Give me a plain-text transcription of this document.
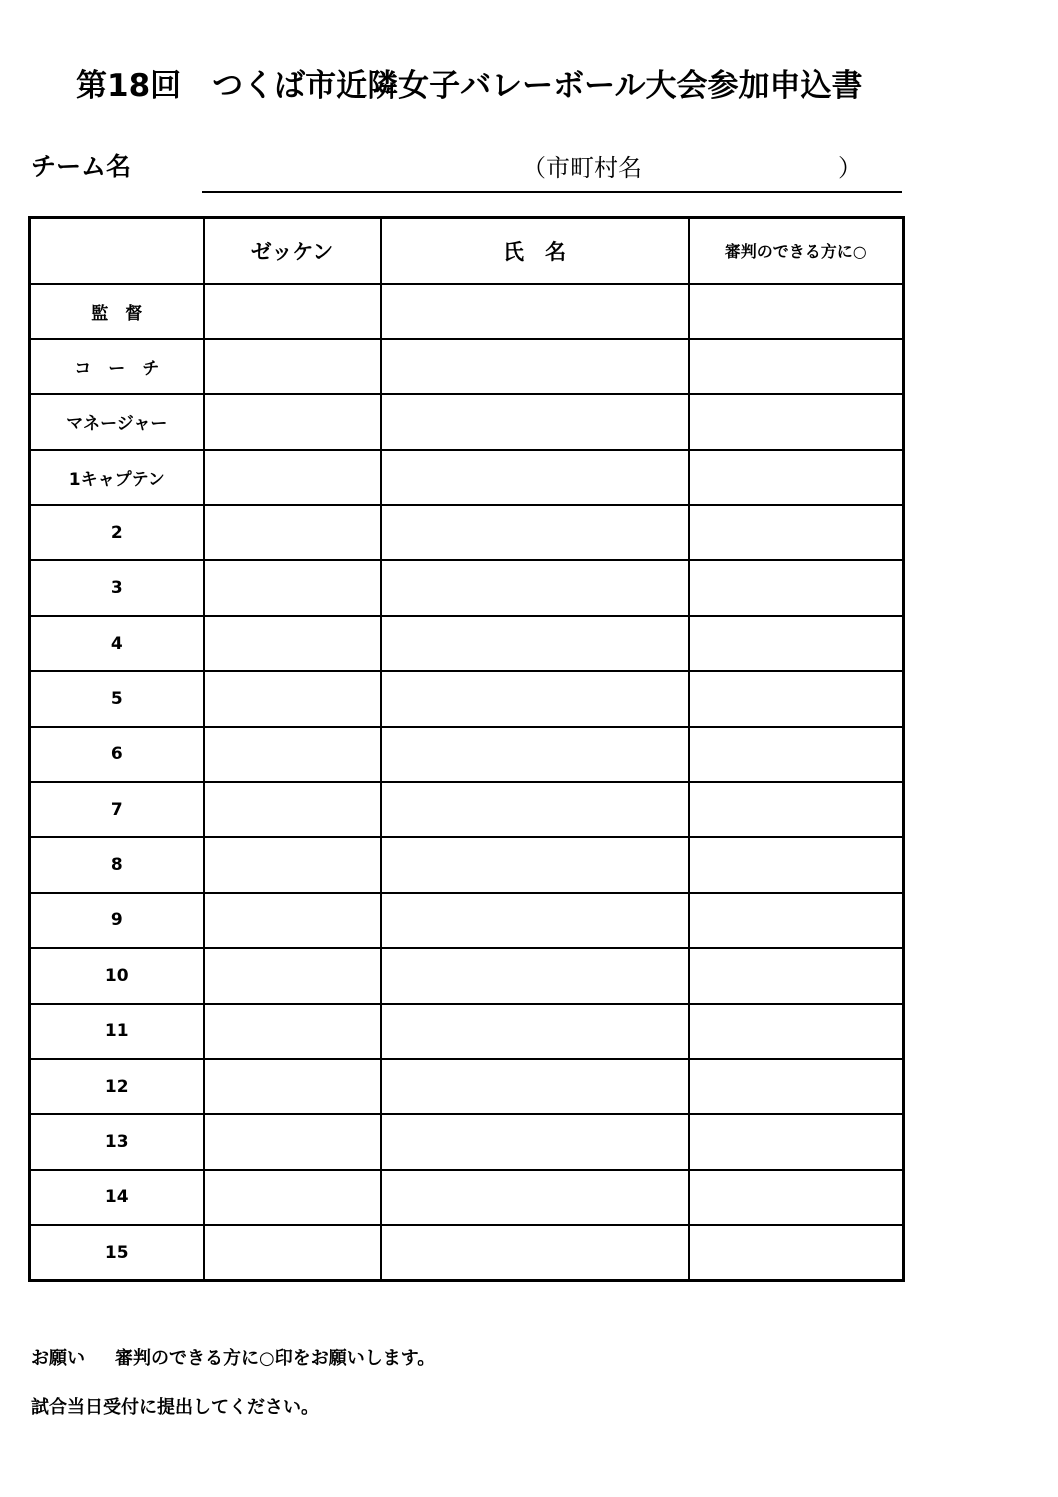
第18回　つくば市近隣女子バレーボール大会参加申込書
チーム名	（市町村名	）
	ゼッケン	氏　名	審判のできる方に○
監　督			
コ　ー　チ			
マネージャー			
1キャプテン			
2			
3			
4			
5			
6			
7			
8			
9			
10			
11			
12			
13			
14			
15			
お願い 審判のできる方に○印をお願いします。
試合当日受付に提出してください。
